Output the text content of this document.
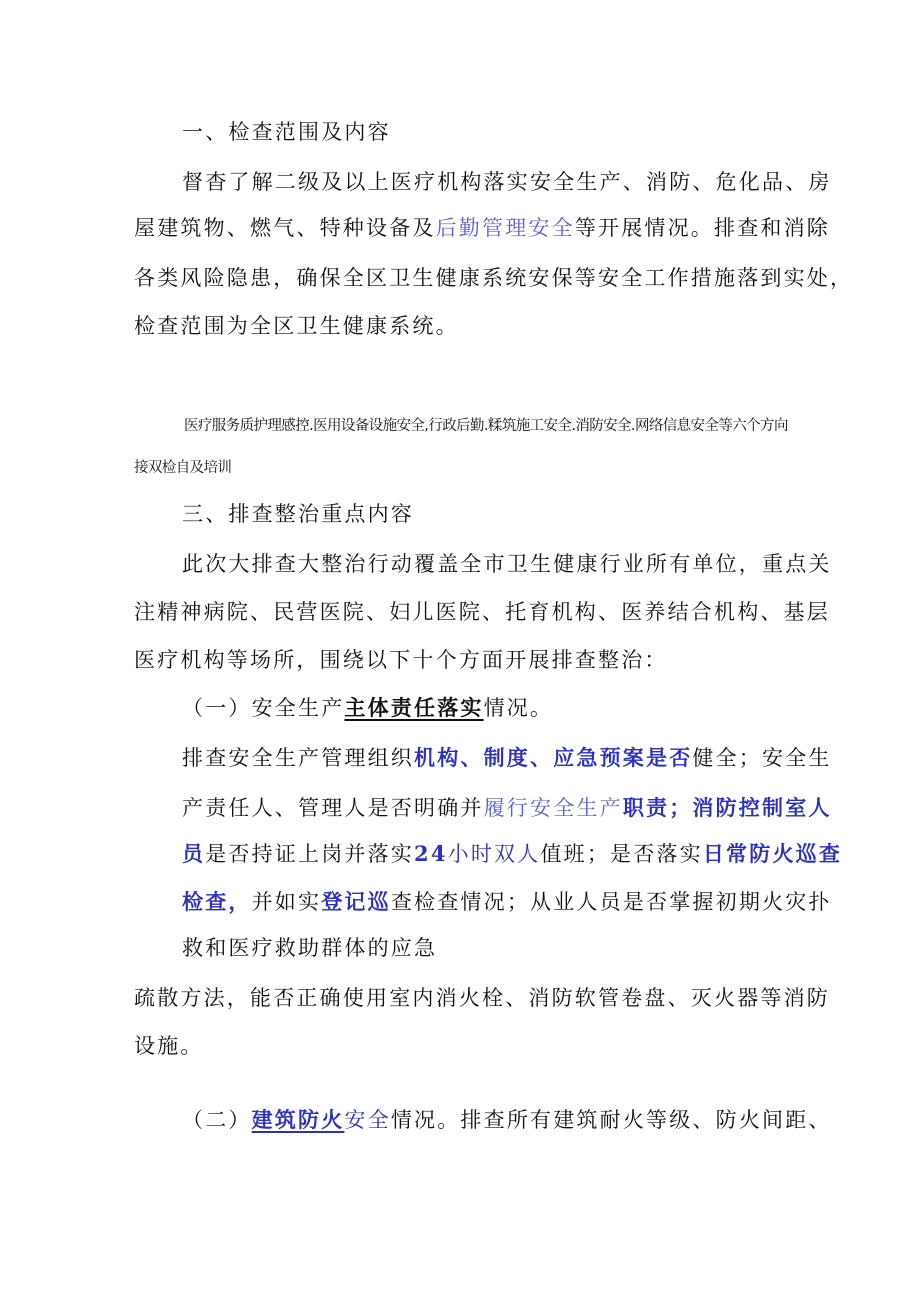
一、检查范围及内容
督杳了解二级及以上医疗机构落实安全生产、消防、危化品、房
屋建筑物、燃气、特种设备及后勤管理安全等开展情况。排查和消除
各类风险隐患，确保全区卫生健康系统安保等安全工作措施落到实处，
检查范围为全区卫生健康系统。
医疗服务质护理感控.医用设备设施安全,行政后勤.糅筑施工安全.消防安全.网络信息安全等六个方向
接双检自及培训
三、排查整治重点内容
此次大排查大整治行动覆盖全市卫生健康行业所有单位，重点关
注精神病院、民营医院、妇儿医院、托育机构、医养结合机构、基层
医疗机构等场所，围绕以下十个方面开展排查整治：
（一）安全生产主体责任落实情况。
排查安全生产管理组织机构、制度、应急预案是否健全；安全生
产责任人、管理人是否明确并履行安全生产职责；消防控制室人
员是否持证上岗并落实24小时双人值班；是否落实日常防火巡查
检查，并如实登记巡查检查情况；从业人员是否掌握初期火灾扑
救和医疗救助群体的应急
疏散方法，能否正确使用室内消火栓、消防软管卷盘、灭火器等消防
设施。
（二）建筑防火安全情况。排查所有建筑耐火等级、防火间距、
